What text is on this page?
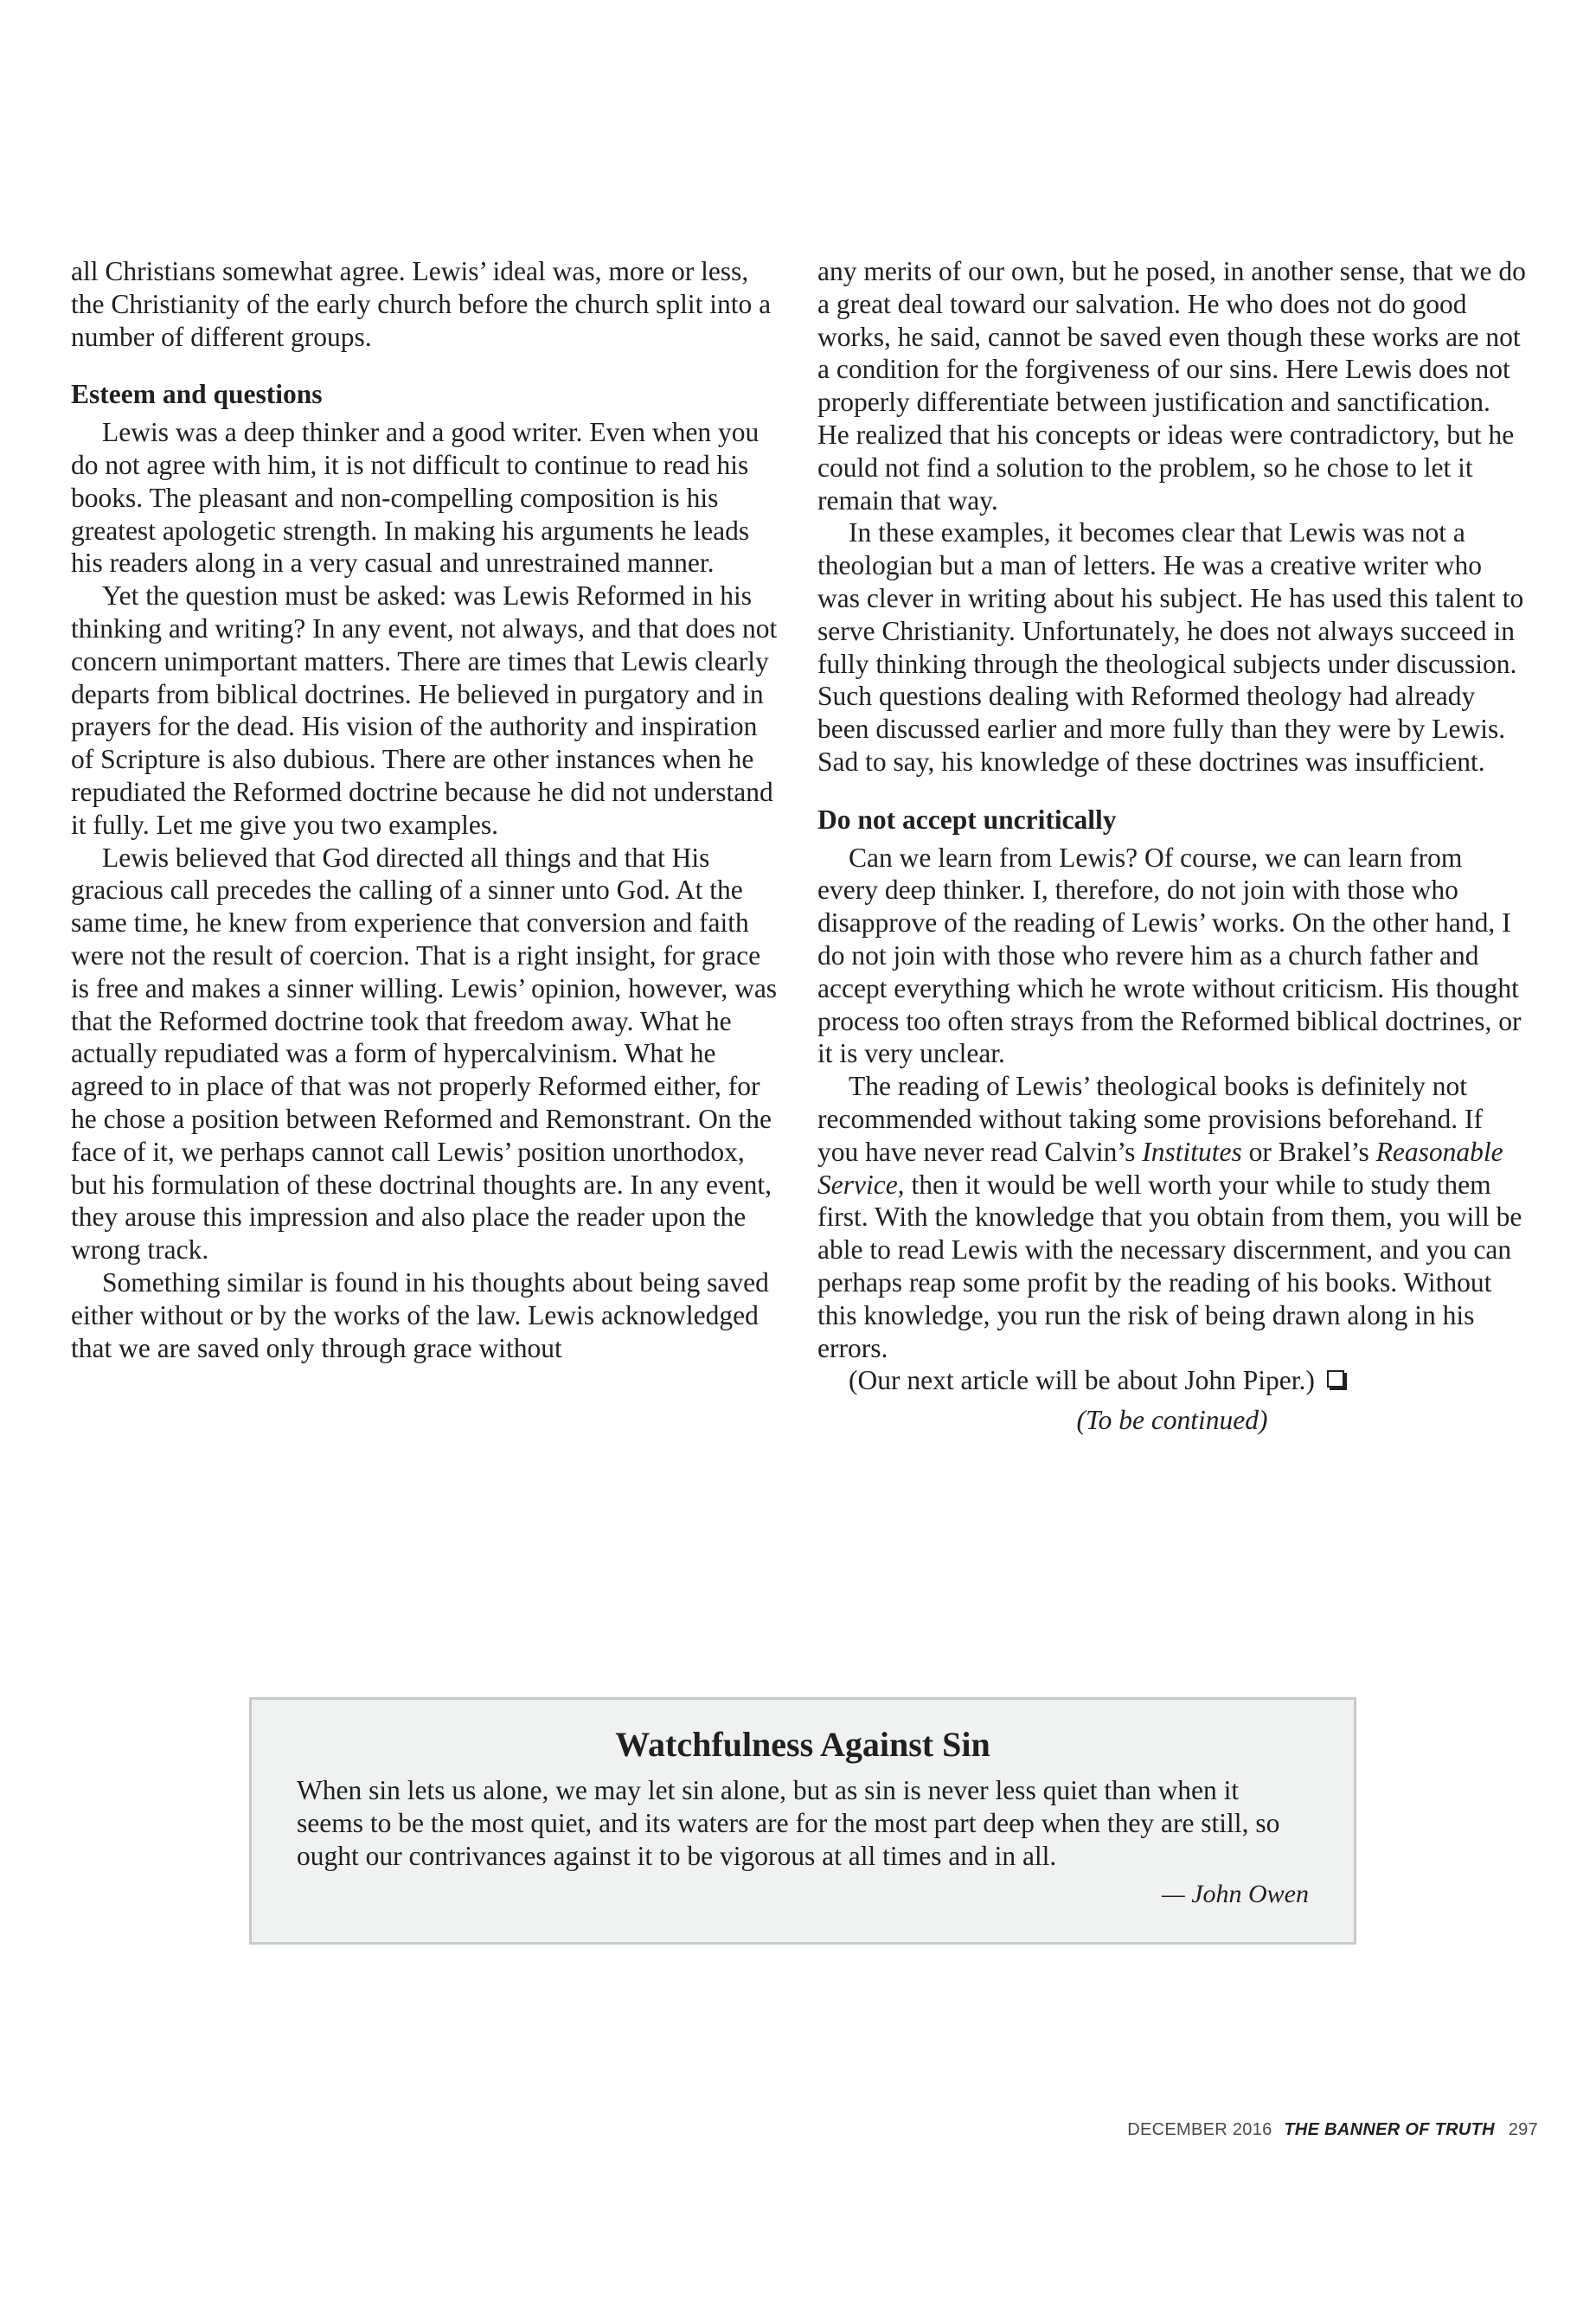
all Christians somewhat agree. Lewis’ ideal was, more or less, the Christianity of the early church before the church split into a number of different groups.

Esteem and questions

Lewis was a deep thinker and a good writer. Even when you do not agree with him, it is not difficult to continue to read his books. The pleasant and non-compelling composition is his greatest apologetic strength. In making his arguments he leads his readers along in a very casual and unrestrained manner.

Yet the question must be asked: was Lewis Reformed in his thinking and writing? In any event, not always, and that does not concern unimportant matters. There are times that Lewis clearly departs from biblical doctrines. He believed in purgatory and in prayers for the dead. His vision of the authority and inspiration of Scripture is also dubious. There are other instances when he repudiated the Reformed doctrine because he did not understand it fully. Let me give you two examples.

Lewis believed that God directed all things and that His gracious call precedes the calling of a sinner unto God. At the same time, he knew from experience that conversion and faith were not the result of coercion. That is a right insight, for grace is free and makes a sinner willing. Lewis’ opinion, however, was that the Reformed doctrine took that freedom away. What he actually repudiated was a form of hypercalvinism. What he agreed to in place of that was not properly Reformed either, for he chose a position between Reformed and Remonstrant. On the face of it, we perhaps cannot call Lewis’ position unorthodox, but his formulation of these doctrinal thoughts are. In any event, they arouse this impression and also place the reader upon the wrong track.

Something similar is found in his thoughts about being saved either without or by the works of the law. Lewis acknowledged that we are saved only through grace without

any merits of our own, but he posed, in another sense, that we do a great deal toward our salvation. He who does not do good works, he said, cannot be saved even though these works are not a condition for the forgiveness of our sins. Here Lewis does not properly differentiate between justification and sanctification. He realized that his concepts or ideas were contradictory, but he could not find a solution to the problem, so he chose to let it remain that way.

In these examples, it becomes clear that Lewis was not a theologian but a man of letters. He was a creative writer who was clever in writing about his subject. He has used this talent to serve Christianity. Unfortunately, he does not always succeed in fully thinking through the theological subjects under discussion. Such questions dealing with Reformed theology had already been discussed earlier and more fully than they were by Lewis. Sad to say, his knowledge of these doctrines was insufficient.

Do not accept uncritically

Can we learn from Lewis? Of course, we can learn from every deep thinker. I, therefore, do not join with those who disapprove of the reading of Lewis’ works. On the other hand, I do not join with those who revere him as a church father and accept everything which he wrote without criticism. His thought process too often strays from the Reformed biblical doctrines, or it is very unclear.

The reading of Lewis’ theological books is definitely not recommended without taking some provisions beforehand. If you have never read Calvin’s Institutes or Brakel’s Reasonable Service, then it would be well worth your while to study them first. With the knowledge that you obtain from them, you will be able to read Lewis with the necessary discernment, and you can perhaps reap some profit by the reading of his books. Without this knowledge, you run the risk of being drawn along in his errors.

(Our next article will be about John Piper.)

(To be continued)

Watchfulness Against Sin

When sin lets us alone, we may let sin alone, but as sin is never less quiet than when it seems to be the most quiet, and its waters are for the most part deep when they are still, so ought our contrivances against it to be vigorous at all times and in all.

— John Owen

DECEMBER 2016 THE BANNER OF TRUTH 297
